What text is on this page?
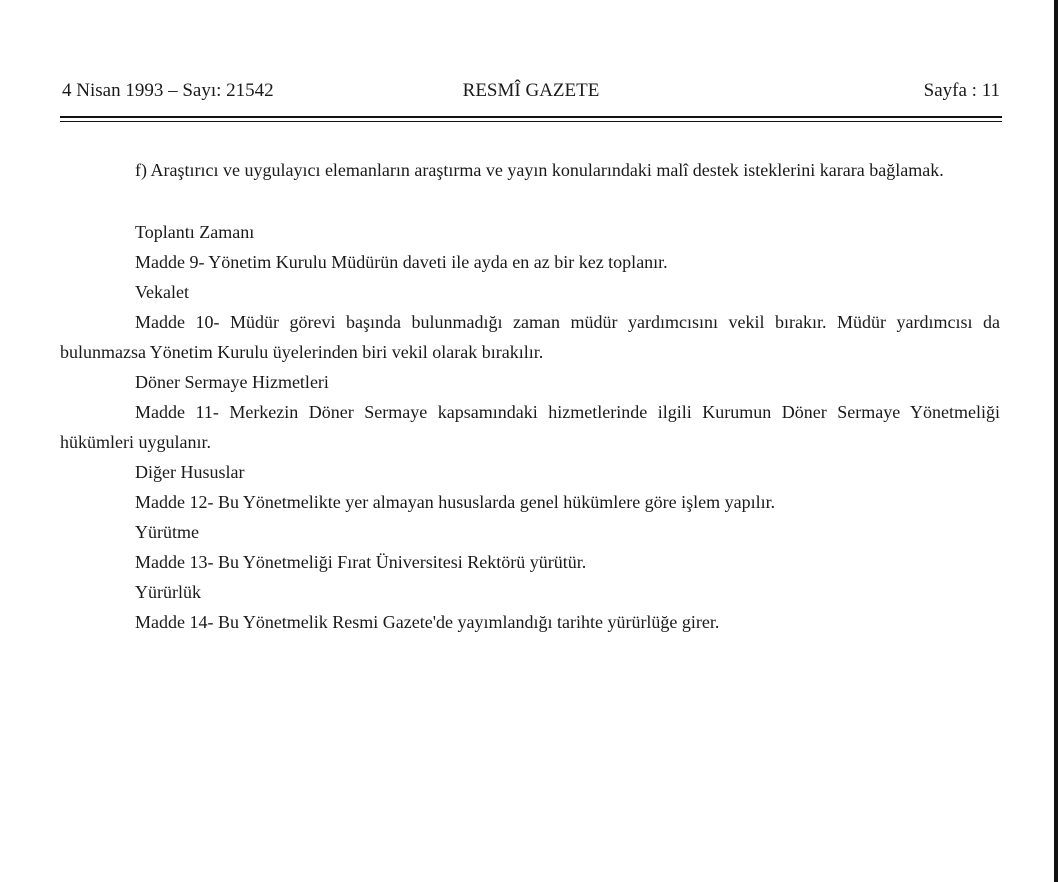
4 Nisan 1993 – Sayı: 21542	RESMÎ GAZETE	Sayfa : 11

f) Araştırıcı ve uygulayıcı elemanların araştırma ve yayın konularındaki malî destek isteklerini karara bağlamak.

Toplantı Zamanı

Madde 9- Yönetim Kurulu Müdürün daveti ile ayda en az bir kez toplanır.

Vekalet

Madde 10- Müdür görevi başında bulunmadığı zaman müdür yardımcısını vekil bırakır. Müdür yardımcısı da bulunmazsa Yönetim Kurulu üyelerinden biri vekil olarak bırakılır.

Döner Sermaye Hizmetleri

Madde 11- Merkezin Döner Sermaye kapsamındaki hizmetlerinde ilgili Kurumun Döner Sermaye Yönetmeliği hükümleri uygulanır.

Diğer Hususlar

Madde 12- Bu Yönetmelikte yer almayan hususlarda genel hükümlere göre işlem yapılır.

Yürütme

Madde 13- Bu Yönetmeliği Fırat Üniversitesi Rektörü yürütür.

Yürürlük

Madde 14- Bu Yönetmelik Resmi Gazete'de yayımlandığı tarihte yürürlüğe girer.
